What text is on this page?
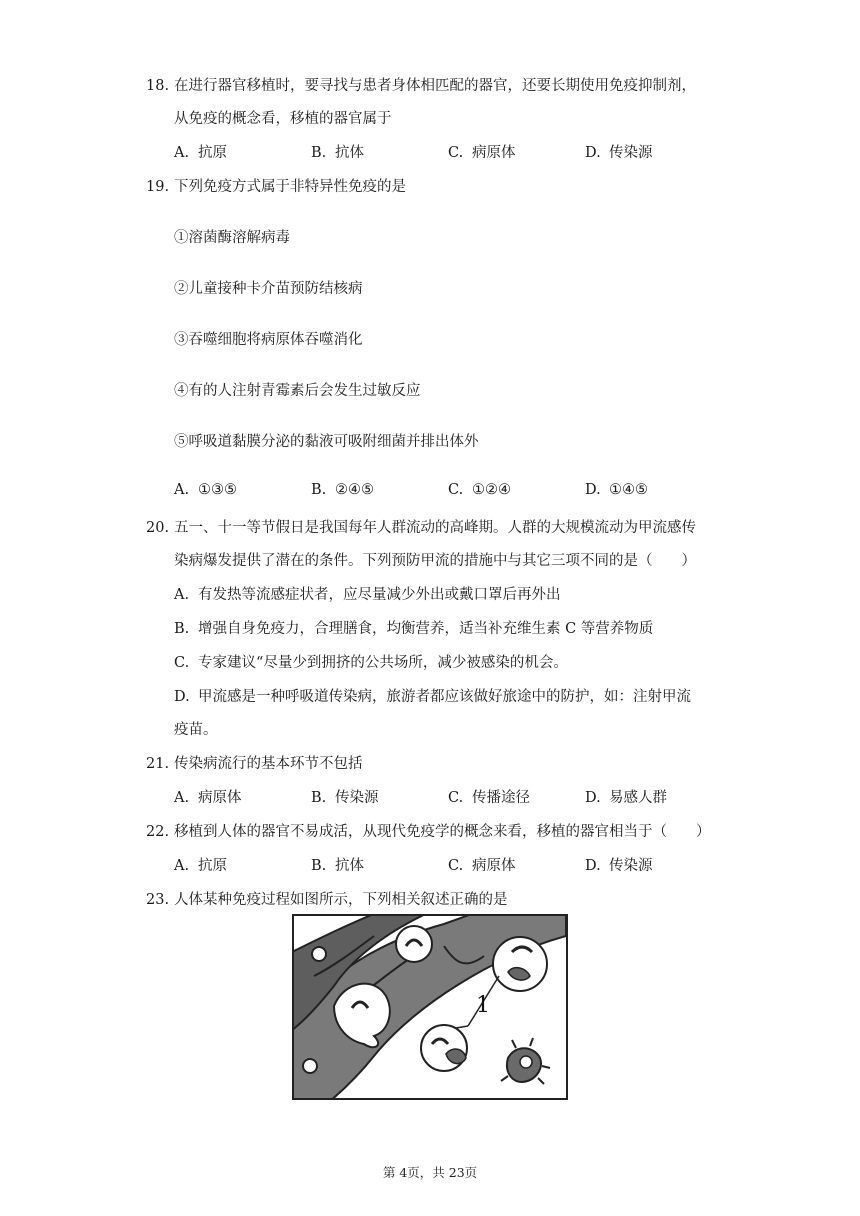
18. 在进行器官移植时，要寻找与患者身体相匹配的器官，还要长期使用免疫抑制剂，
从免疫的概念看，移植的器官属于
A. 抗原	B. 抗体	C. 病原体	D. 传染源
19. 下列免疫方式属于非特异性免疫的是
①溶菌酶溶解病毒
②儿童接种卡介苗预防结核病
③吞噬细胞将病原体吞噬消化
④有的人注射青霉素后会发生过敏反应
⑤呼吸道黏膜分泌的黏液可吸附细菌并排出体外
A. ①③⑤	B. ②④⑤	C. ①②④	D. ①④⑤
20. 五一、十一等节假日是我国每年人群流动的高峰期。人群的大规模流动为甲流感传
染病爆发提供了潜在的条件。下列预防甲流的措施中与其它三项不同的是（　　）
A. 有发热等流感症状者，应尽量减少外出或戴口罩后再外出
B. 增强自身免疫力，合理膳食，均衡营养，适当补充维生素 C 等营养物质
C. 专家建议“尽量少到拥挤的公共场所，减少被感染的机会。
D. 甲流感是一种呼吸道传染病，旅游者都应该做好旅途中的防护，如：注射甲流
疫苗。
21. 传染病流行的基本环节不包括
A. 病原体	B. 传染源	C. 传播途径	D. 易感人群
22. 移植到人体的器官不易成活，从现代免疫学的概念来看，移植的器官相当于（　　）
A. 抗原	B. 抗体	C. 病原体	D. 传染源
23. 人体某种免疫过程如图所示，下列相关叙述正确的是
1
第 4页，共 23页
